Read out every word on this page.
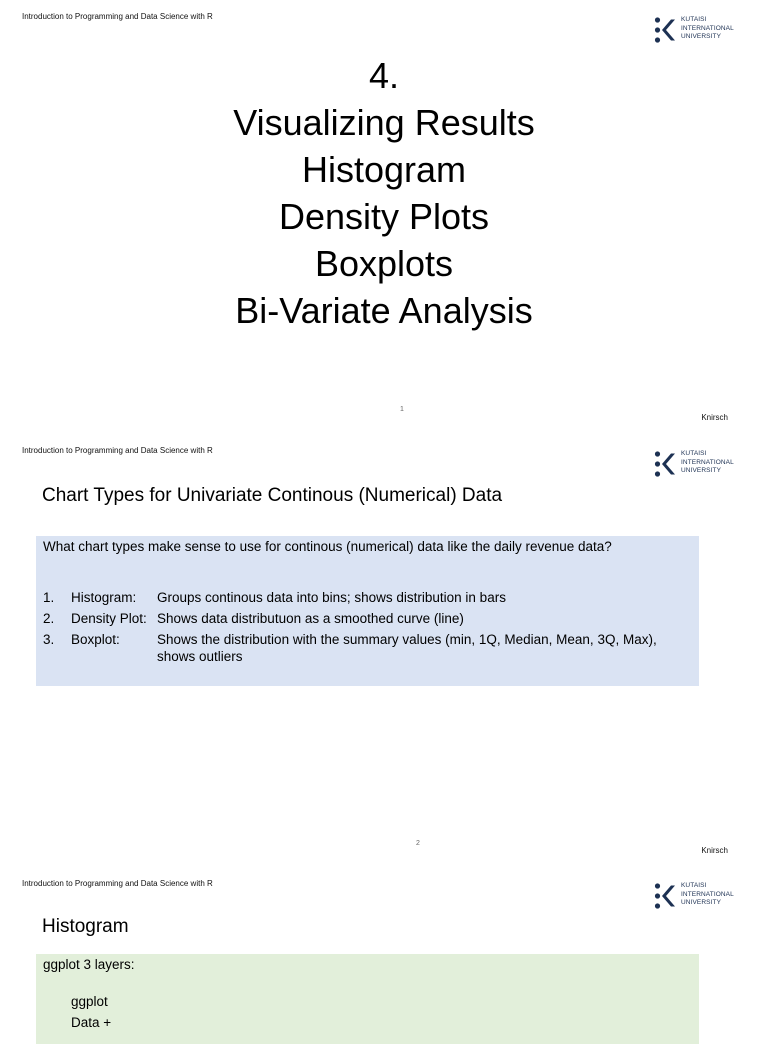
Introduction to Programming and Data Science with R	KUTAISI
INTERNATIONAL
UNIVERSITY
4.
Visualizing Results
Histogram
Density Plots
Boxplots
Bi-Variate Analysis
1
Knirsch
Introduction to Programming and Data Science with R	KUTAISI
INTERNATIONAL
UNIVERSITY
Chart Types for Univariate Continous (Numerical) Data
What chart types make sense to use for continous (numerical) data like the daily revenue data?
1. Histogram: Groups continous data into bins; shows distribution in bars
2. Density Plot: Shows data distributuon as a smoothed curve (line)
3. Boxplot:	Shows the distribution with the summary values (min, 1Q, Median, Mean, 3Q, Max), shows outliers
2
Knirsch
Introduction to Programming and Data Science with R	KUTAISI
INTERNATIONAL
UNIVERSITY
Histogram
ggplot 3 layers:
ggplot
Data +
